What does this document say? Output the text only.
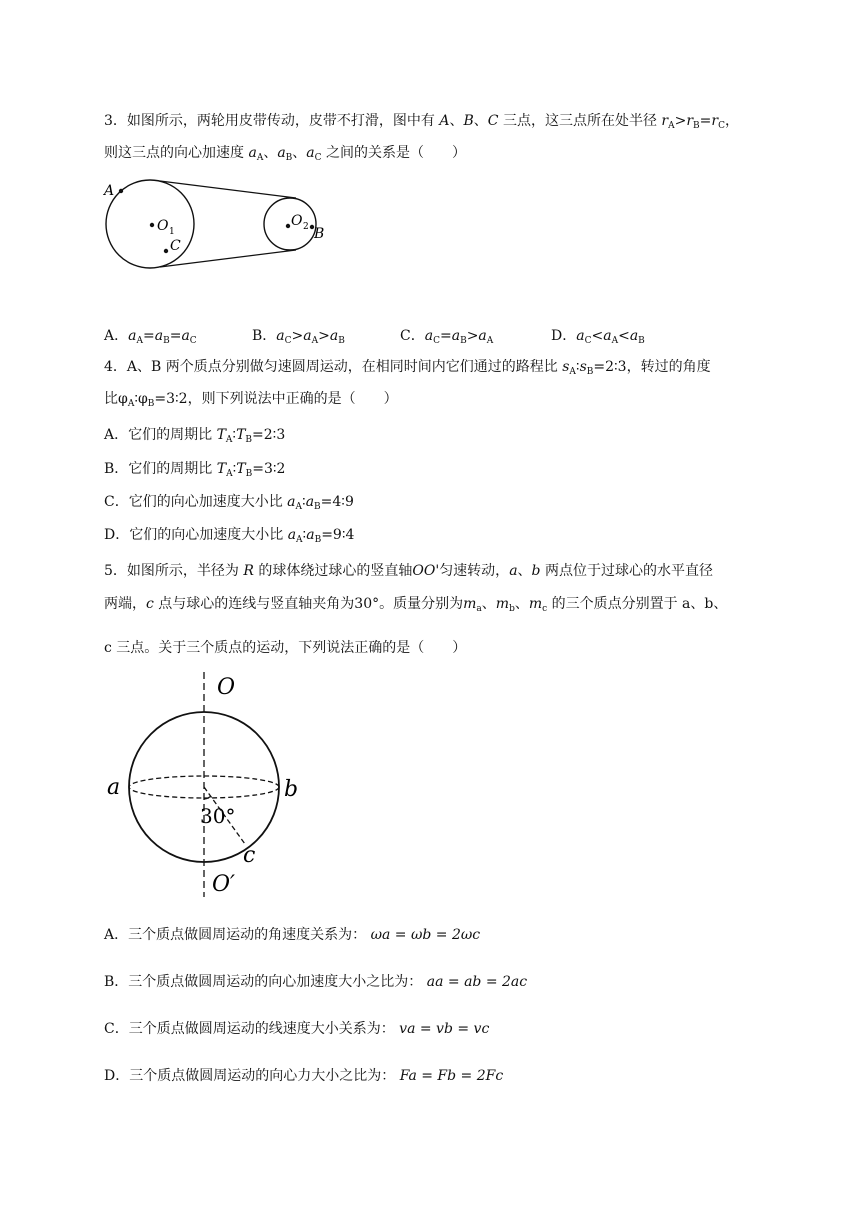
3．如图所示，两轮用皮带传动，皮带不打滑，图中有 A、B、C 三点，这三点所在处半径 $r_A>r_B=r_C$，
则这三点的向心加速度 $a_A$、$a_B$、$a_C$ 之间的关系是（　　）
A
O 1
C
O 2 B
A．$a_A=a_B=a_C$	B．$a_C>a_A>a_B$	C．$a_C=a_B>a_A$	D．$a_C<a_A<a_B$
4．A、B 两个质点分别做匀速圆周运动，在相同时间内它们通过的路程比 $s_A∶s_B=2∶3$，转过的角度
比$\varphi_A∶\varphi_B=3∶2$，则下列说法中正确的是（　　）
A．它们的周期比 $T_A∶T_B=2∶3$
B．它们的周期比 $T_A∶T_B=3∶2$
C．它们的向心加速度大小比 $a_A∶a_B=4∶9$
D．它们的向心加速度大小比 $a_A∶a_B=9∶4$
5．如图所示，半径为 R 的球体绕过球心的竖直轴OO'匀速转动，a、b 两点位于过球心的水平直径
两端，c 点与球心的连线与竖直轴夹角为30°。质量分别为$m_a$、$m_b$、$m_c$ 的三个质点分别置于 a、b、
c 三点。关于三个质点的运动，下列说法正确的是（　　）
O
a	b
30°
c
O′
A．三个质点做圆周运动的角速度关系为： ωa = ωb = 2ωc
B．三个质点做圆周运动的向心加速度大小之比为： aa = ab = 2ac
C．三个质点做圆周运动的线速度大小关系为： va = vb = vc
D．三个质点做圆周运动的向心力大小之比为： Fa = Fb = 2Fc
